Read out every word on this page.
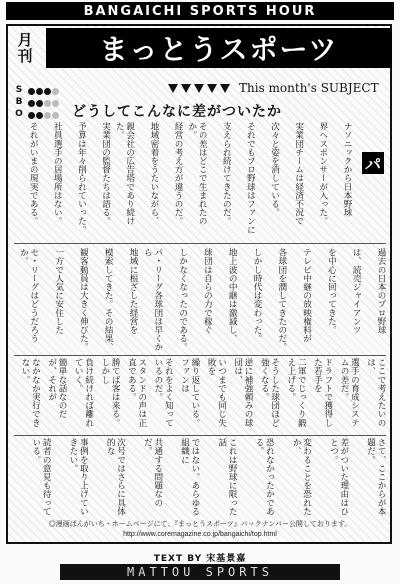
BANGAICHI SPORTS HOUR
月
刊	まっとうスポーツ
This month's SUBJECT
S
B
O	どうしてこんなに差がついたか
パ
ナソニックから日本野球
界へスポンサーが入った。
実業団チームは経済不況で
次々と姿を消している。
それでもプロ野球はファンに
支えられ続けてきたのだ。
その差はどこで生まれたのか。
経営の考え方が違うのだ。
地域密着をうたいながら、
親会社の広告塔であり続けた。
実業団の監督たちは語る。
予算は年々削られていった。
社員選手の居場所はない。
それがいまの現実である。
過去の日本のプロ野球
は、読売ジャイアンツ
を中心に回ってきた。
テレビ中継の放映権料が
各球団を潤してきたのだ。
しかし時代は変わった。
地上波の中継は激減し、
球団は自らの力で稼ぐ
しかなくなったのである。
パ・リーグ各球団は早くから
地域に根ざした経営を
模索してきた。その結果、
観客動員は大きく伸びた。
一方で人気に安住した
セ・リーグはどうだろうか。
ここで考えたいのは、
選手の育成システムの差だ。
ドラフトで獲得した若手を
二軍でじっくり鍛え上げる。
そうした球団ほど強くなる。
逆に補強頼みの球団は、
いつまでも同じ失敗を
繰り返している。ファンは
それをよく知っているのだ。
スタンドの声は正直である。
勝てば客は来る。しかし
負け続ければ離れていく。
簡単な話なのだが、それが
なかなか実行できない。
さて、ここからが本題だ。
差がついた理由はひとつ。
変わることを恐れたか、
恐れなかったかである。
これは野球に限った話
ではない。あらゆる組織に
共通する問題なのだ。
次号ではさらに具体的な
事例を取り上げていきたい。
読者の意見も待っている。
◎漫画ばんがいち・ホームページにて、『まっとうスポーツ』バックナンバー公開しております。
http://www.coremagazine.co.jp/bangaichi/top.html
TEXT BY 宋基景嘉
MATTOU SPORTS
